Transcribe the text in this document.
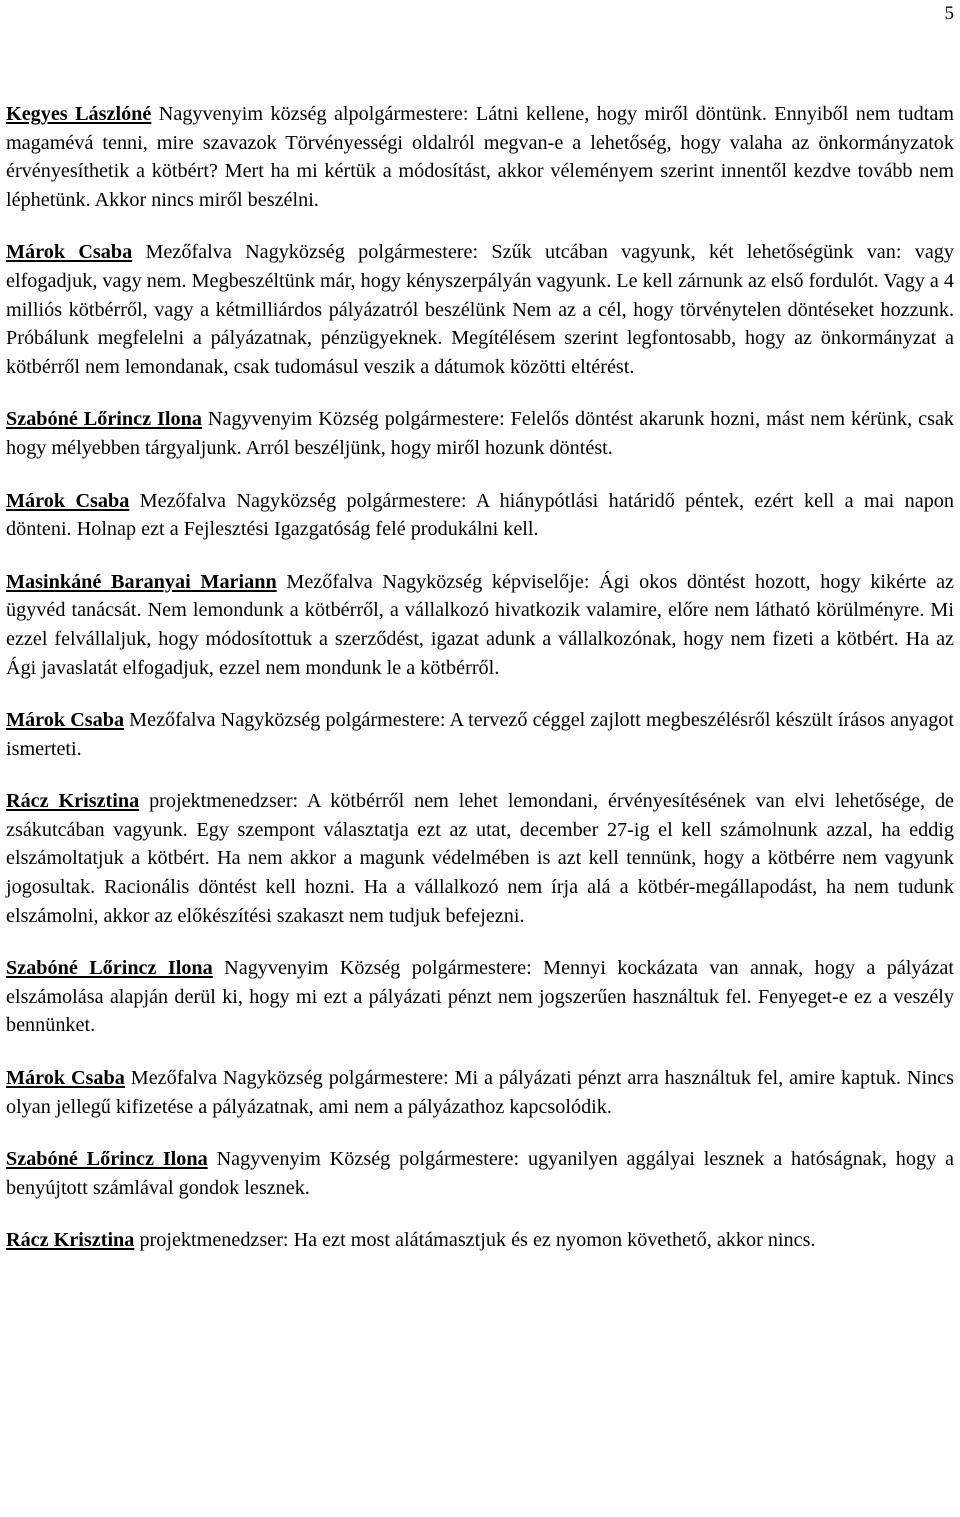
5

Kegyes Lászlóné Nagyvenyim község alpolgármestere: Látni kellene, hogy miről döntünk. Ennyiből nem tudtam magamévá tenni, mire szavazok Törvényességi oldalról megvan-e a lehetőség, hogy valaha az önkormányzatok érvényesíthetik a kötbért? Mert ha mi kértük a módosítást, akkor véleményem szerint innentől kezdve tovább nem léphetünk. Akkor nincs miről beszélni.

Márok Csaba Mezőfalva Nagyközség polgármestere: Szűk utcában vagyunk, két lehetőségünk van: vagy elfogadjuk, vagy nem. Megbeszéltünk már, hogy kényszerpályán vagyunk. Le kell zárnunk az első fordulót. Vagy a 4 milliós kötbérről, vagy a kétmilliárdos pályázatról beszélünk Nem az a cél, hogy törvénytelen döntéseket hozzunk. Próbálunk megfelelni a pályázatnak, pénzügyeknek. Megítélésem szerint legfontosabb, hogy az önkormányzat a kötbérről nem lemondanak, csak tudomásul veszik a dátumok közötti eltérést.

Szabóné Lőrincz Ilona Nagyvenyim Község polgármestere: Felelős döntést akarunk hozni, mást nem kérünk, csak hogy mélyebben tárgyaljunk. Arról beszéljünk, hogy miről hozunk döntést.

Márok Csaba Mezőfalva Nagyközség polgármestere: A hiánypótlási határidő péntek, ezért kell a mai napon dönteni. Holnap ezt a Fejlesztési Igazgatóság felé produkálni kell.

Masinkáné Baranyai Mariann Mezőfalva Nagyközség képviselője: Ági okos döntést hozott, hogy kikérte az ügyvéd tanácsát. Nem lemondunk a kötbérről, a vállalkozó hivatkozik valamire, előre nem látható körülményre. Mi ezzel felvállaljuk, hogy módosítottuk a szerződést, igazat adunk a vállalkozónak, hogy nem fizeti a kötbért. Ha az Ági javaslatát elfogadjuk, ezzel nem mondunk le a kötbérről.

Márok Csaba Mezőfalva Nagyközség polgármestere: A tervező céggel zajlott megbeszélésről készült írásos anyagot ismerteti.

Rácz Krisztina projektmenedzser: A kötbérről nem lehet lemondani, érvényesítésének van elvi lehetősége, de zsákutcában vagyunk. Egy szempont választatja ezt az utat, december 27-ig el kell számolnunk azzal, ha eddig elszámoltatjuk a kötbért. Ha nem akkor a magunk védelmében is azt kell tennünk, hogy a kötbérre nem vagyunk jogosultak. Racionális döntést kell hozni. Ha a vállalkozó nem írja alá a kötbér-megállapodást, ha nem tudunk elszámolni, akkor az előkészítési szakaszt nem tudjuk befejezni.

Szabóné Lőrincz Ilona Nagyvenyim Község polgármestere: Mennyi kockázata van annak, hogy a pályázat elszámolása alapján derül ki, hogy mi ezt a pályázati pénzt nem jogszerűen használtuk fel. Fenyeget-e ez a veszély bennünket.

Márok Csaba Mezőfalva Nagyközség polgármestere: Mi a pályázati pénzt arra használtuk fel, amire kaptuk. Nincs olyan jellegű kifizetése a pályázatnak, ami nem a pályázathoz kapcsolódik.

Szabóné Lőrincz Ilona Nagyvenyim Község polgármestere: ugyanilyen aggályai lesznek a hatóságnak, hogy a benyújtott számlával gondok lesznek.

Rácz Krisztina projektmenedzser: Ha ezt most alátámasztjuk és ez nyomon követhető, akkor nincs.
